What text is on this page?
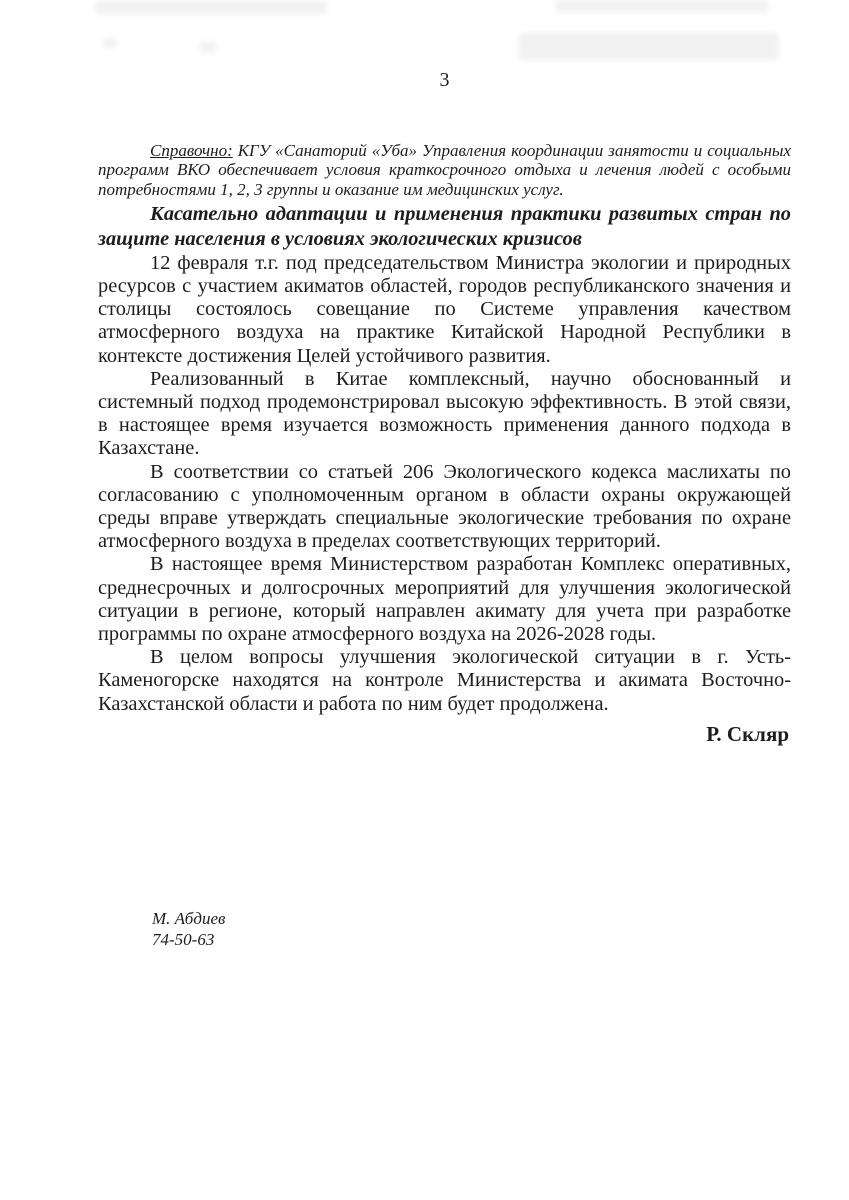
3

Справочно: КГУ «Санаторий «Уба» Управления координации занятости и социальных программ ВКО обеспечивает условия краткосрочного отдыха и лечения людей с особыми потребностями 1, 2, 3 группы и оказание им медицинских услуг.

Касательно адаптации и применения практики развитых стран по защите населения в условиях экологических кризисов

12 февраля т.г. под председательством Министра экологии и природных ресурсов с участием акиматов областей, городов республиканского значения и столицы состоялось совещание по Системе управления качеством атмосферного воздуха на практике Китайской Народной Республики в контексте достижения Целей устойчивого развития.

Реализованный в Китае комплексный, научно обоснованный и системный подход продемонстрировал высокую эффективность. В этой связи, в настоящее время изучается возможность применения данного подхода в Казахстане.

В соответствии со статьей 206 Экологического кодекса маслихаты по согласованию с уполномоченным органом в области охраны окружающей среды вправе утверждать специальные экологические требования по охране атмосферного воздуха в пределах соответствующих территорий.

В настоящее время Министерством разработан Комплекс оперативных, среднесрочных и долгосрочных мероприятий для улучшения экологической ситуации в регионе, который направлен акимату для учета при разработке программы по охране атмосферного воздуха на 2026-2028 годы.

В целом вопросы улучшения экологической ситуации в г. Усть-Каменогорске находятся на контроле Министерства и акимата Восточно-Казахстанской области и работа по ним будет продолжена.

Р. Скляр
М. Абдиев
74-50-63
